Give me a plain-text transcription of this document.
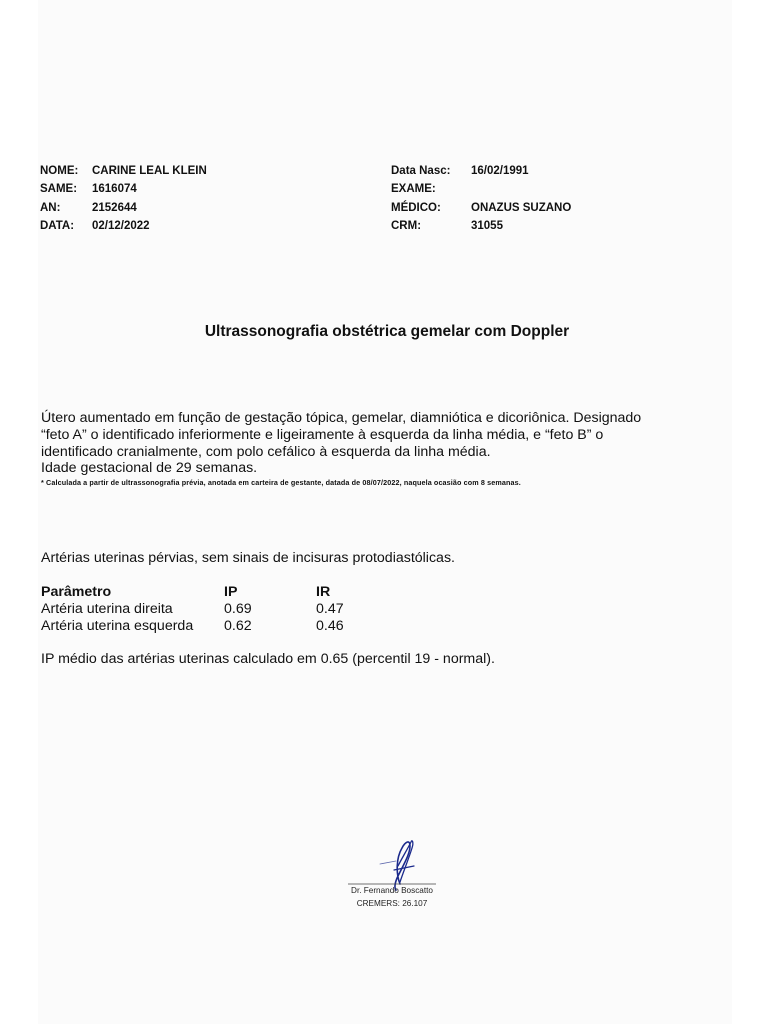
NOME:	CARINE LEAL KLEIN
SAME:	1616074
AN:	2152644
DATA:	02/12/2022
Data Nasc:	16/02/1991
EXAME:
MÉDICO:	ONAZUS SUZANO
CRM:	31055
Ultrassonografia obstétrica gemelar com Doppler
Útero aumentado em função de gestação tópica, gemelar, diamniótica e dicoriônica. Designado
“feto A” o identificado inferiormente e ligeiramente à esquerda da linha média, e “feto B” o
identificado cranialmente, com polo cefálico à esquerda da linha média.
Idade gestacional de 29 semanas.
* Calculada a partir de ultrassonografia prévia, anotada em carteira de gestante, datada de 08/07/2022, naquela ocasião com 8 semanas.
Artérias uterinas pérvias, sem sinais de incisuras protodiastólicas.
Parâmetro	IP	IR
Artéria uterina direita	0.69	0.47
Artéria uterina esquerda	0.62	0.46
IP médio das artérias uterinas calculado em 0.65 (percentil 19 - normal).
Dr. Fernando Boscatto
CREMERS: 26.107
